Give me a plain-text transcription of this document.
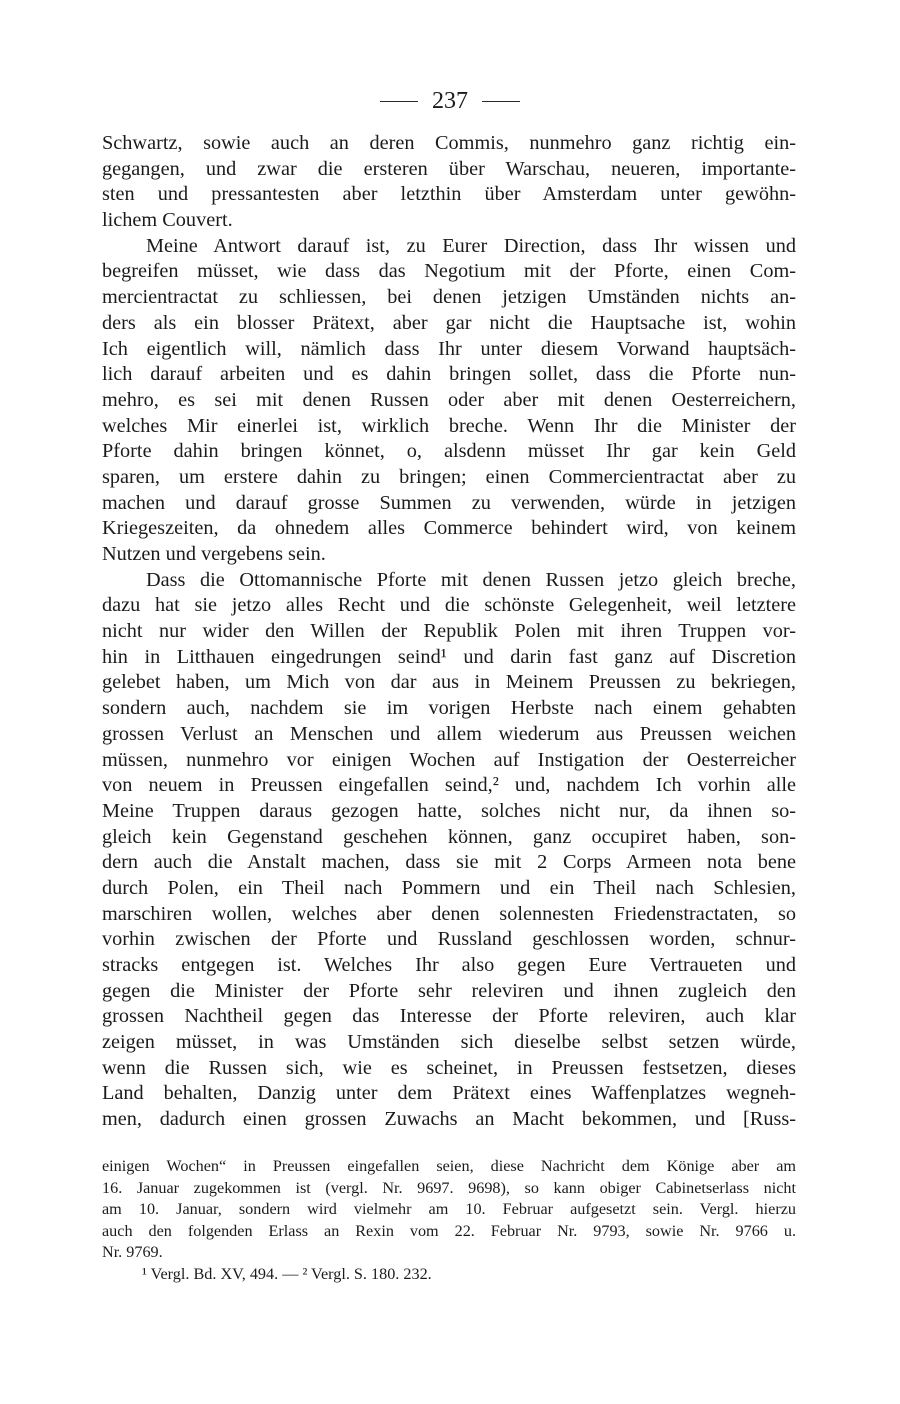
237
Schwartz, sowie auch an deren Commis, nunmehro ganz richtig ein-
gegangen, und zwar die ersteren über Warschau, neueren, importante-
sten und pressantesten aber letzthin über Amsterdam unter gewöhn-
lichem Couvert.
Meine Antwort darauf ist, zu Eurer Direction, dass Ihr wissen und
begreifen müsset, wie dass das Negotium mit der Pforte, einen Com-
mercientractat zu schliessen, bei denen jetzigen Umständen nichts an-
ders als ein blosser Prätext, aber gar nicht die Hauptsache ist, wohin
Ich eigentlich will, nämlich dass Ihr unter diesem Vorwand hauptsäch-
lich darauf arbeiten und es dahin bringen sollet, dass die Pforte nun-
mehro, es sei mit denen Russen oder aber mit denen Oesterreichern,
welches Mir einerlei ist, wirklich breche. Wenn Ihr die Minister der
Pforte dahin bringen könnet, o, alsdenn müsset Ihr gar kein Geld
sparen, um erstere dahin zu bringen; einen Commercientractat aber zu
machen und darauf grosse Summen zu verwenden, würde in jetzigen
Kriegeszeiten, da ohnedem alles Commerce behindert wird, von keinem
Nutzen und vergebens sein.
Dass die Ottomannische Pforte mit denen Russen jetzo gleich breche,
dazu hat sie jetzo alles Recht und die schönste Gelegenheit, weil letztere
nicht nur wider den Willen der Republik Polen mit ihren Truppen vor-
hin in Litthauen eingedrungen seind¹ und darin fast ganz auf Discretion
gelebet haben, um Mich von dar aus in Meinem Preussen zu bekriegen,
sondern auch, nachdem sie im vorigen Herbste nach einem gehabten
grossen Verlust an Menschen und allem wiederum aus Preussen weichen
müssen, nunmehro vor einigen Wochen auf Instigation der Oesterreicher
von neuem in Preussen eingefallen seind,² und, nachdem Ich vorhin alle
Meine Truppen daraus gezogen hatte, solches nicht nur, da ihnen so-
gleich kein Gegenstand geschehen können, ganz occupiret haben, son-
dern auch die Anstalt machen, dass sie mit 2 Corps Armeen nota bene
durch Polen, ein Theil nach Pommern und ein Theil nach Schlesien,
marschiren wollen, welches aber denen solennesten Friedenstractaten, so
vorhin zwischen der Pforte und Russland geschlossen worden, schnur-
stracks entgegen ist. Welches Ihr also gegen Eure Vertraueten und
gegen die Minister der Pforte sehr releviren und ihnen zugleich den
grossen Nachtheil gegen das Interesse der Pforte releviren, auch klar
zeigen müsset, in was Umständen sich dieselbe selbst setzen würde,
wenn die Russen sich, wie es scheinet, in Preussen festsetzen, dieses
Land behalten, Danzig unter dem Prätext eines Waffenplatzes wegneh-
men, dadurch einen grossen Zuwachs an Macht bekommen, und [Russ-
einigen Wochen“ in Preussen eingefallen seien, diese Nachricht dem Könige aber am
16. Januar zugekommen ist (vergl. Nr. 9697. 9698), so kann obiger Cabinetserlass nicht
am 10. Januar, sondern wird vielmehr am 10. Februar aufgesetzt sein. Vergl. hierzu
auch den folgenden Erlass an Rexin vom 22. Februar Nr. 9793, sowie Nr. 9766 u.
Nr. 9769.
¹ Vergl. Bd. XV, 494. — ² Vergl. S. 180. 232.
